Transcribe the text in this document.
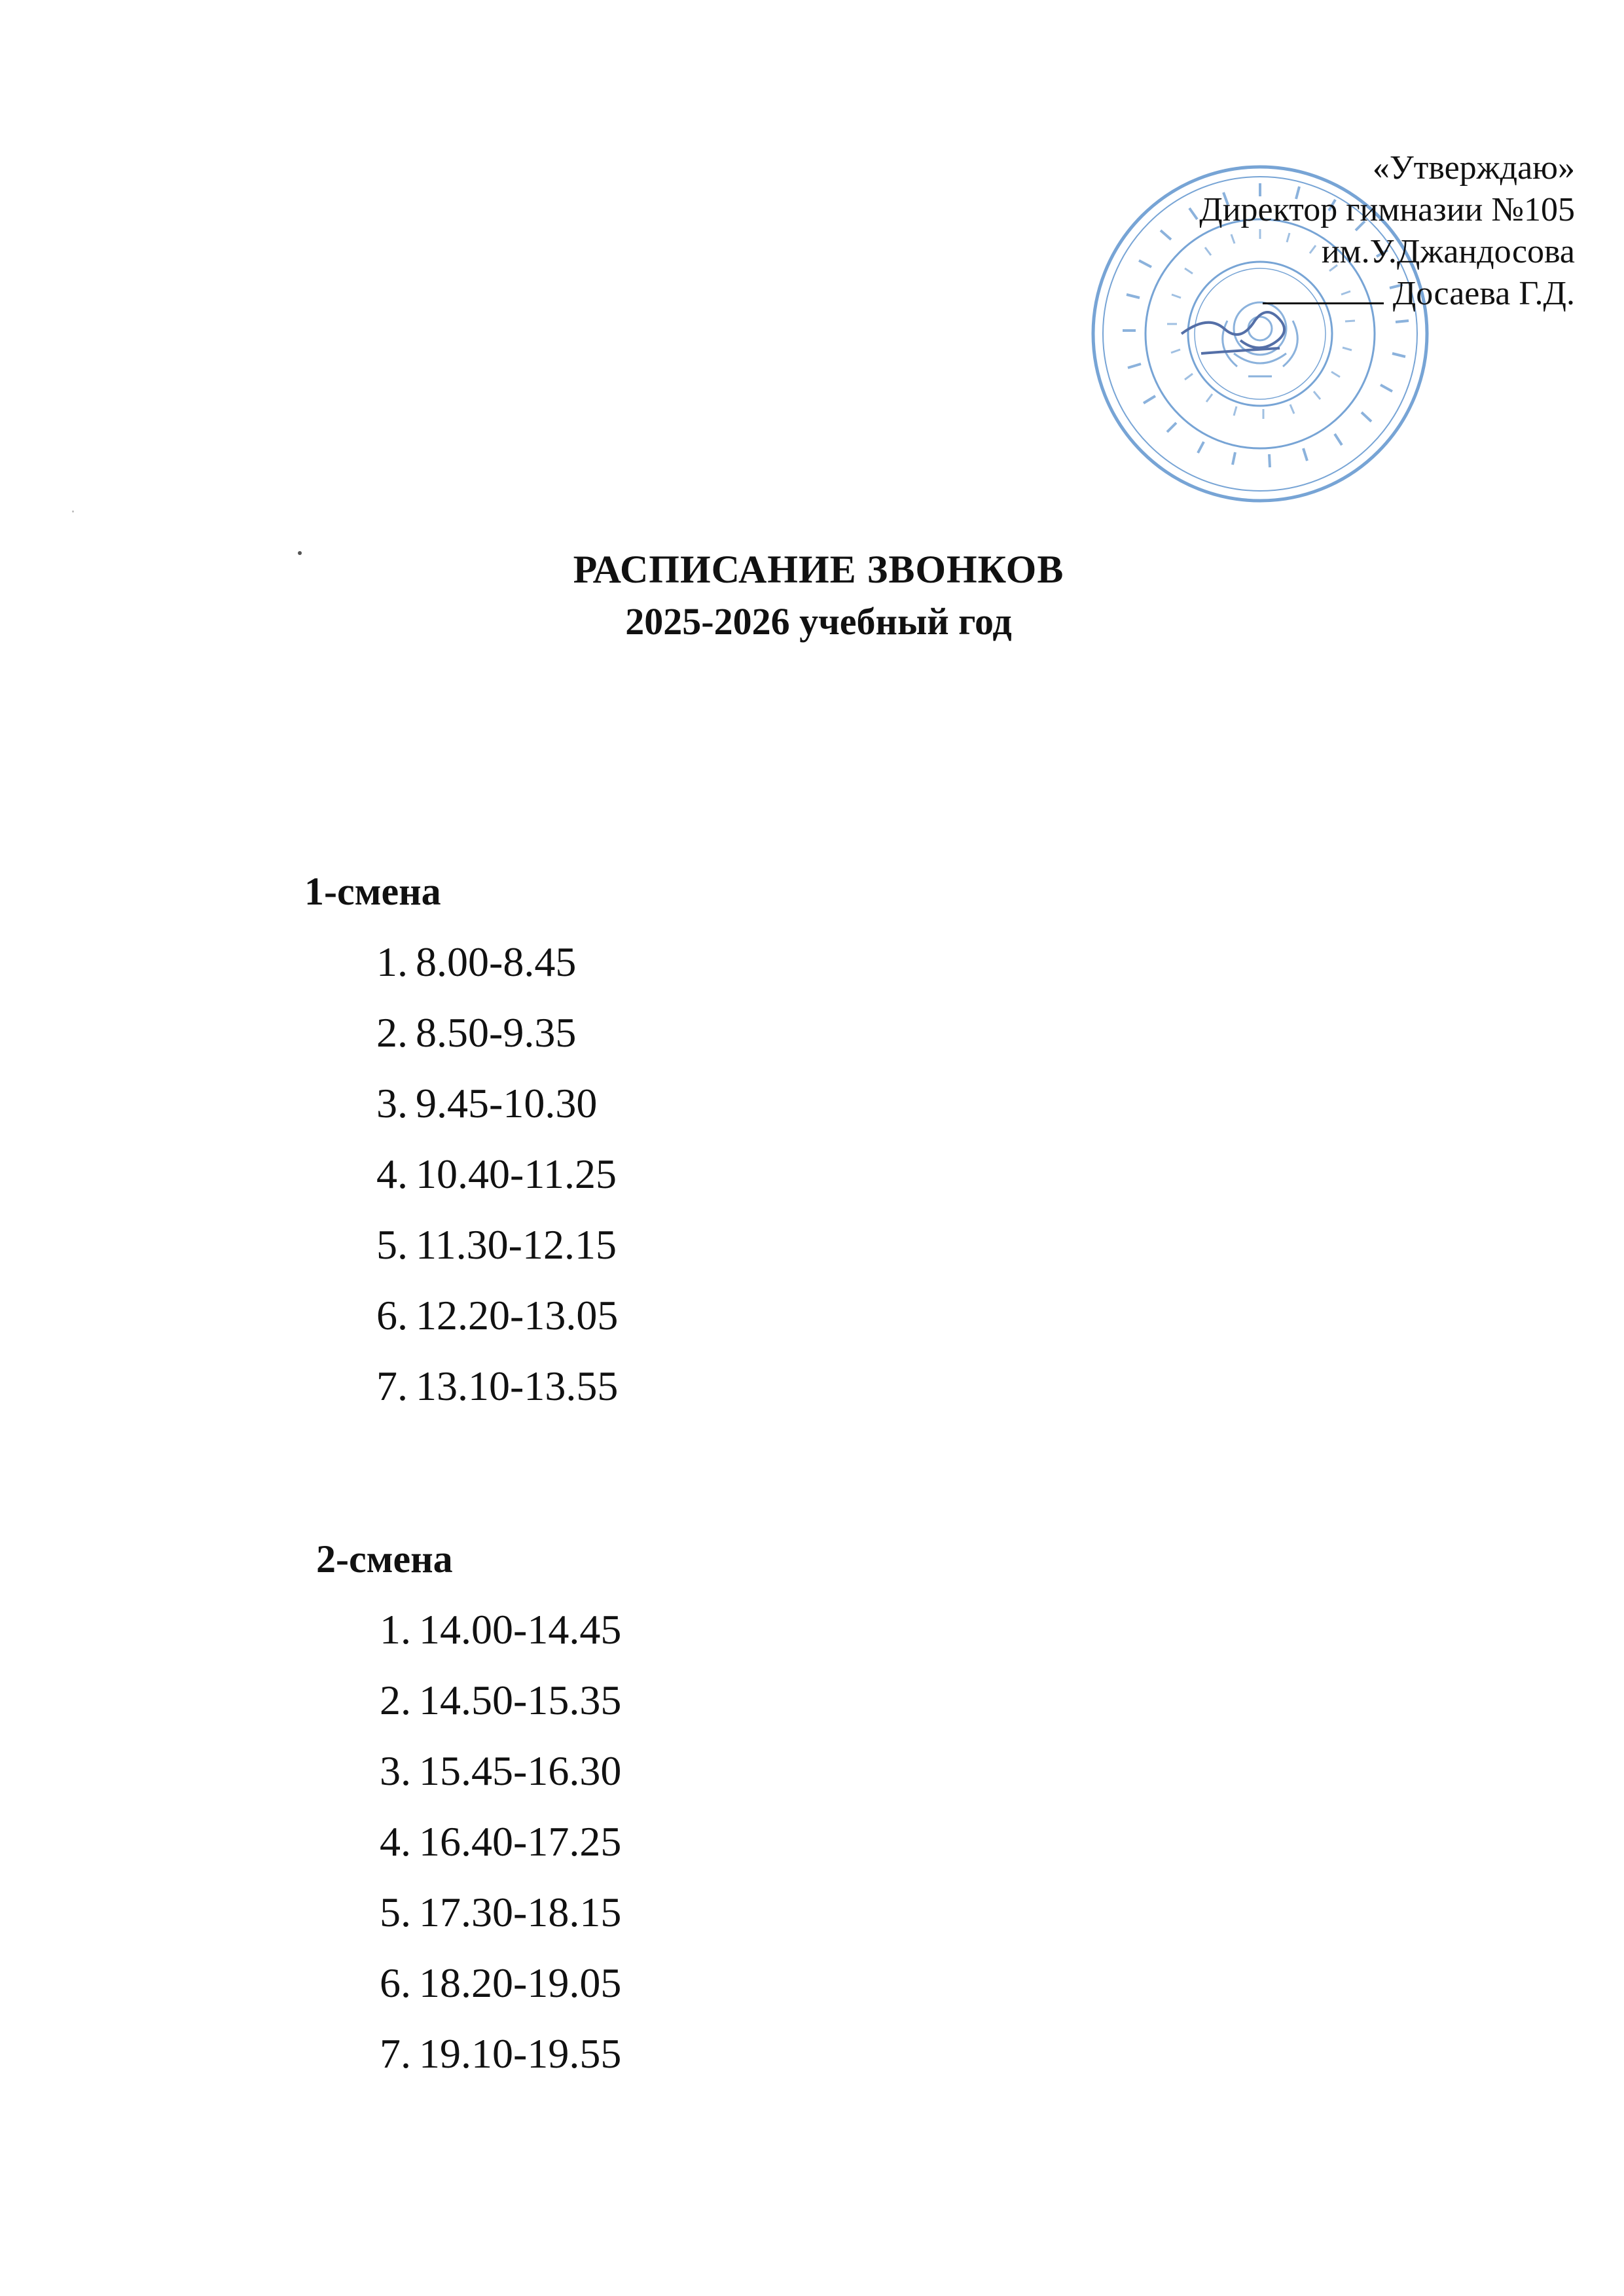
«Утверждаю»
Директор гимназии №105
им.У.Джандосова
Досаева Г.Д.
РАСПИСАНИЕ ЗВОНКОВ
2025-2026 учебный год
1-смена
1. 8.00-8.45
2. 8.50-9.35
3. 9.45-10.30
4. 10.40-11.25
5. 11.30-12.15
6. 12.20-13.05
7. 13.10-13.55
2-смена
1. 14.00-14.45
2. 14.50-15.35
3. 15.45-16.30
4. 16.40-17.25
5. 17.30-18.15
6. 18.20-19.05
7. 19.10-19.55
